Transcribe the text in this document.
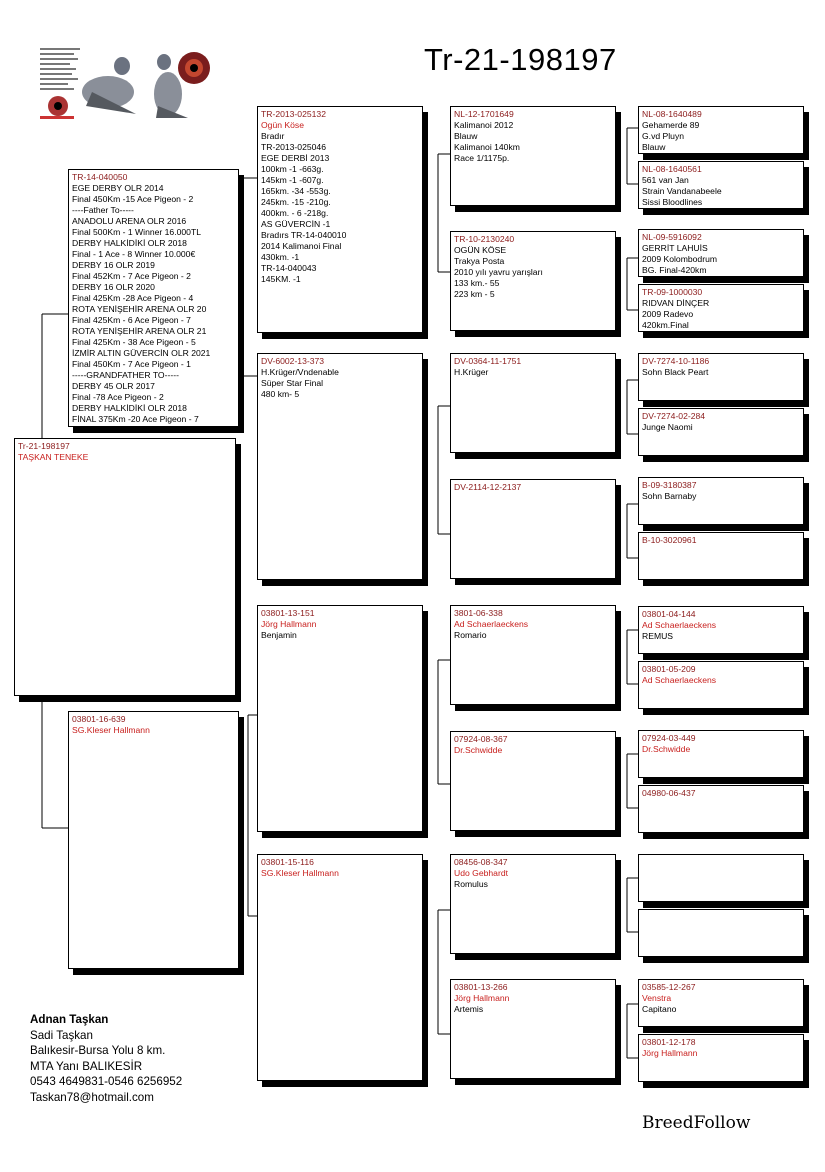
Tr-21-198197
Tr-21-198197
TAŞKAN TENEKE
TR-14-040050
EGE DERBY OLR 2014
Final 450Km -15 Ace Pigeon - 2
----Father To-----
ANADOLU ARENA OLR 2016
Final 500Km - 1 Winner 16.000TL
DERBY HALKİDİKİ OLR 2018
Final - 1 Ace - 8 Winner 10.000€
DERBY 16 OLR 2019
Final 452Km - 7 Ace Pigeon - 2
DERBY 16 OLR 2020
Final 425Km -28 Ace Pigeon - 4
ROTA YENİŞEHİR ARENA OLR 20
Final 425Km - 6 Ace Pigeon - 7
ROTA YENİŞEHİR ARENA OLR 21
Final 425Km - 38 Ace Pigeon - 5
İZMİR ALTIN GÜVERCİN OLR 2021
Final 450Km - 7 Ace Pigeon - 1
-----GRANDFATHER TO-----
DERBY 45 OLR 2017
Final -78 Ace Pigeon - 2
DERBY HALKİDİKİ OLR 2018
FİNAL 375Km -20 Ace Pigeon - 7
03801-16-639
SG.Kleser Hallmann
TR-2013-025132
Ogün Köse
Bradır
TR-2013-025046
EGE DERBİ 2013
100km -1 -663g.
145km -1 -607g.
165km. -34 -553g.
245km. -15 -210g.
400km. - 6 -218g.
AS GÜVERCİN -1
Bradırs TR-14-040010
2014 Kalimanoi Final
430km. -1
TR-14-040043
145KM. -1
DV-6002-13-373
H.Krüger/Vndenable
Süper Star Final
480 km- 5
03801-13-151
Jörg Hallmann
Benjamin
03801-15-116
SG.Kleser Hallmann
NL-12-1701649
Kalimanoi 2012
Blauw
Kalimanoi 140km
Race 1/1175p.
TR-10-2130240
OGÜN KÖSE
Trakya Posta
2010 yılı yavru yarışları
133 km.- 55
223 km - 5
DV-0364-11-1751
H.Krüger
DV-2114-12-2137
3801-06-338
Ad Schaerlaeckens
Romario
07924-08-367
Dr.Schwidde
08456-08-347
Udo Gebhardt
Romulus
03801-13-266
Jörg Hallmann
Artemis
NL-08-1640489
Gehamerde 89
G.vd Pluyn
Blauw
NL-08-1640561
561 van Jan
Strain Vandanabeele
Sissi Bloodlines
NL-09-5916092
GERRİT LAHUİS
2009 Kolombodrum
BG. Final-420km
TR-09-1000030
RIDVAN DİNÇER
2009 Radevo
420km.Final
DV-7274-10-1186
Sohn Black Peart
DV-7274-02-284
Junge Naomi
B-09-3180387
Sohn Barnaby
B-10-3020961
03801-04-144
Ad Schaerlaeckens
REMUS
03801-05-209
Ad Schaerlaeckens
07924-03-449
Dr.Schwidde
04980-06-437
03585-12-267
Venstra
Capitano
03801-12-178
Jörg Hallmann
Adnan Taşkan
Sadi Taşkan
Balıkesir-Bursa Yolu 8 km.
MTA Yanı BALIKESİR
0543 4649831-0546 6256952
Taskan78@hotmail.com
BreedFollow
